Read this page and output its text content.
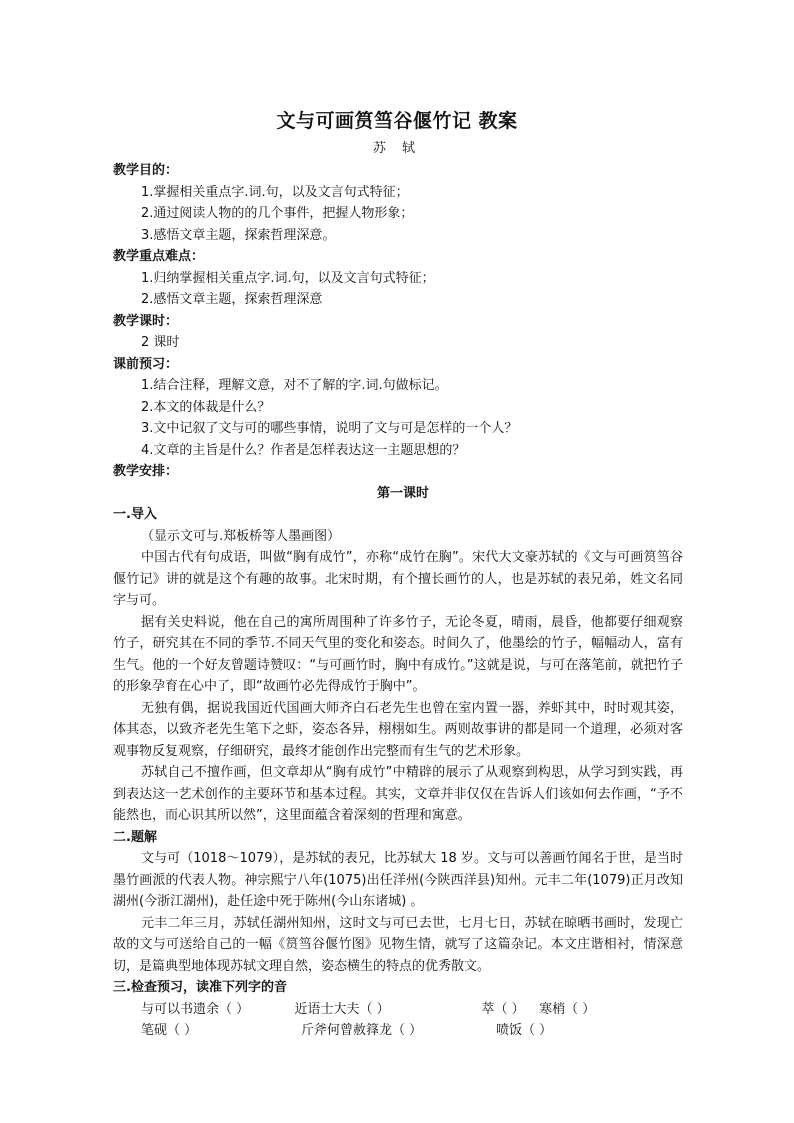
文与可画筼筜谷偃竹记 教案
苏 轼
教学目的：
1.掌握相关重点字.词.句，以及文言句式特征；
2.通过阅读人物的的几个事件，把握人物形象；
3.感悟文章主题，探索哲理深意。
教学重点难点：
1.归纳掌握相关重点字.词.句，以及文言句式特征；
2.感悟文章主题，探索哲理深意
教学课时：
2 课时
课前预习：
1.结合注释，理解文意，对不了解的字.词.句做标记。
2.本文的体裁是什么？
3.文中记叙了文与可的哪些事情，说明了文与可是怎样的一个人？
4.文章的主旨是什么？作者是怎样表达这一主题思想的？
教学安排：
第一课时
一.导入
（显示文可与.郑板桥等人墨画图）
中国古代有句成语，叫做“胸有成竹”，亦称“成竹在胸”。宋代大文豪苏轼的《文与可画筼筜谷偃竹记》讲的就是这个有趣的故事。北宋时期，有个擅长画竹的人，也是苏轼的表兄弟，姓文名同字与可。
据有关史料说，他在自己的寓所周围种了许多竹子，无论冬夏，晴雨，晨昏，他都要仔细观察竹子，研究其在不同的季节.不同天气里的变化和姿态。时间久了，他墨绘的竹子，幅幅动人，富有生气。他的一个好友曾题诗赞叹：“与可画竹时，胸中有成竹。”这就是说，与可在落笔前，就把竹子的形象孕育在心中了，即“故画竹必先得成竹于胸中”。
无独有偶，据说我国近代国画大师齐白石老先生也曾在室内置一器，养虾其中，时时观其姿，体其态，以致齐老先生笔下之虾，姿态各异，栩栩如生。两则故事讲的都是同一个道理，必须对客观事物反复观察，仔细研究，最终才能创作出完整而有生气的艺术形象。
苏轼自己不擅作画，但文章却从“胸有成竹”中精辟的展示了从观察到构思，从学习到实践，再到表达这一艺术创作的主要环节和基本过程。其实，文章并非仅仅在告诉人们该如何去作画，“予不能然也，而心识其所以然”，这里面蕴含着深刻的哲理和寓意。
二.题解
文与可（1018～1079），是苏轼的表兄，比苏轼大 18 岁。文与可以善画竹闻名于世，是当时墨竹画派的代表人物。神宗熙宁八年(1075)出任洋州(今陕西洋县)知州。元丰二年(1079)正月改知湖州(今浙江湖州)，赴任途中死于陈州(今山东诸城) 。
元丰二年三月，苏轼任湖州知州，这时文与可已去世，七月七日，苏轼在晾晒书画时，发现亡故的文与可送给自己的一幅《筼筜谷偃竹图》见物生情，就写了这篇杂记。本文庄谐相衬，情深意切，是篇典型地体现苏轼文理自然，姿态横生的特点的优秀散文。
三.检查预习，读准下列字的音
与可以书遗余（ ）	近语士大夫（ ）	萃（ ）	寒梢（ ）
笔砚（ ）	斤斧何曾赦箨龙（ ）	喷饭（ ）
